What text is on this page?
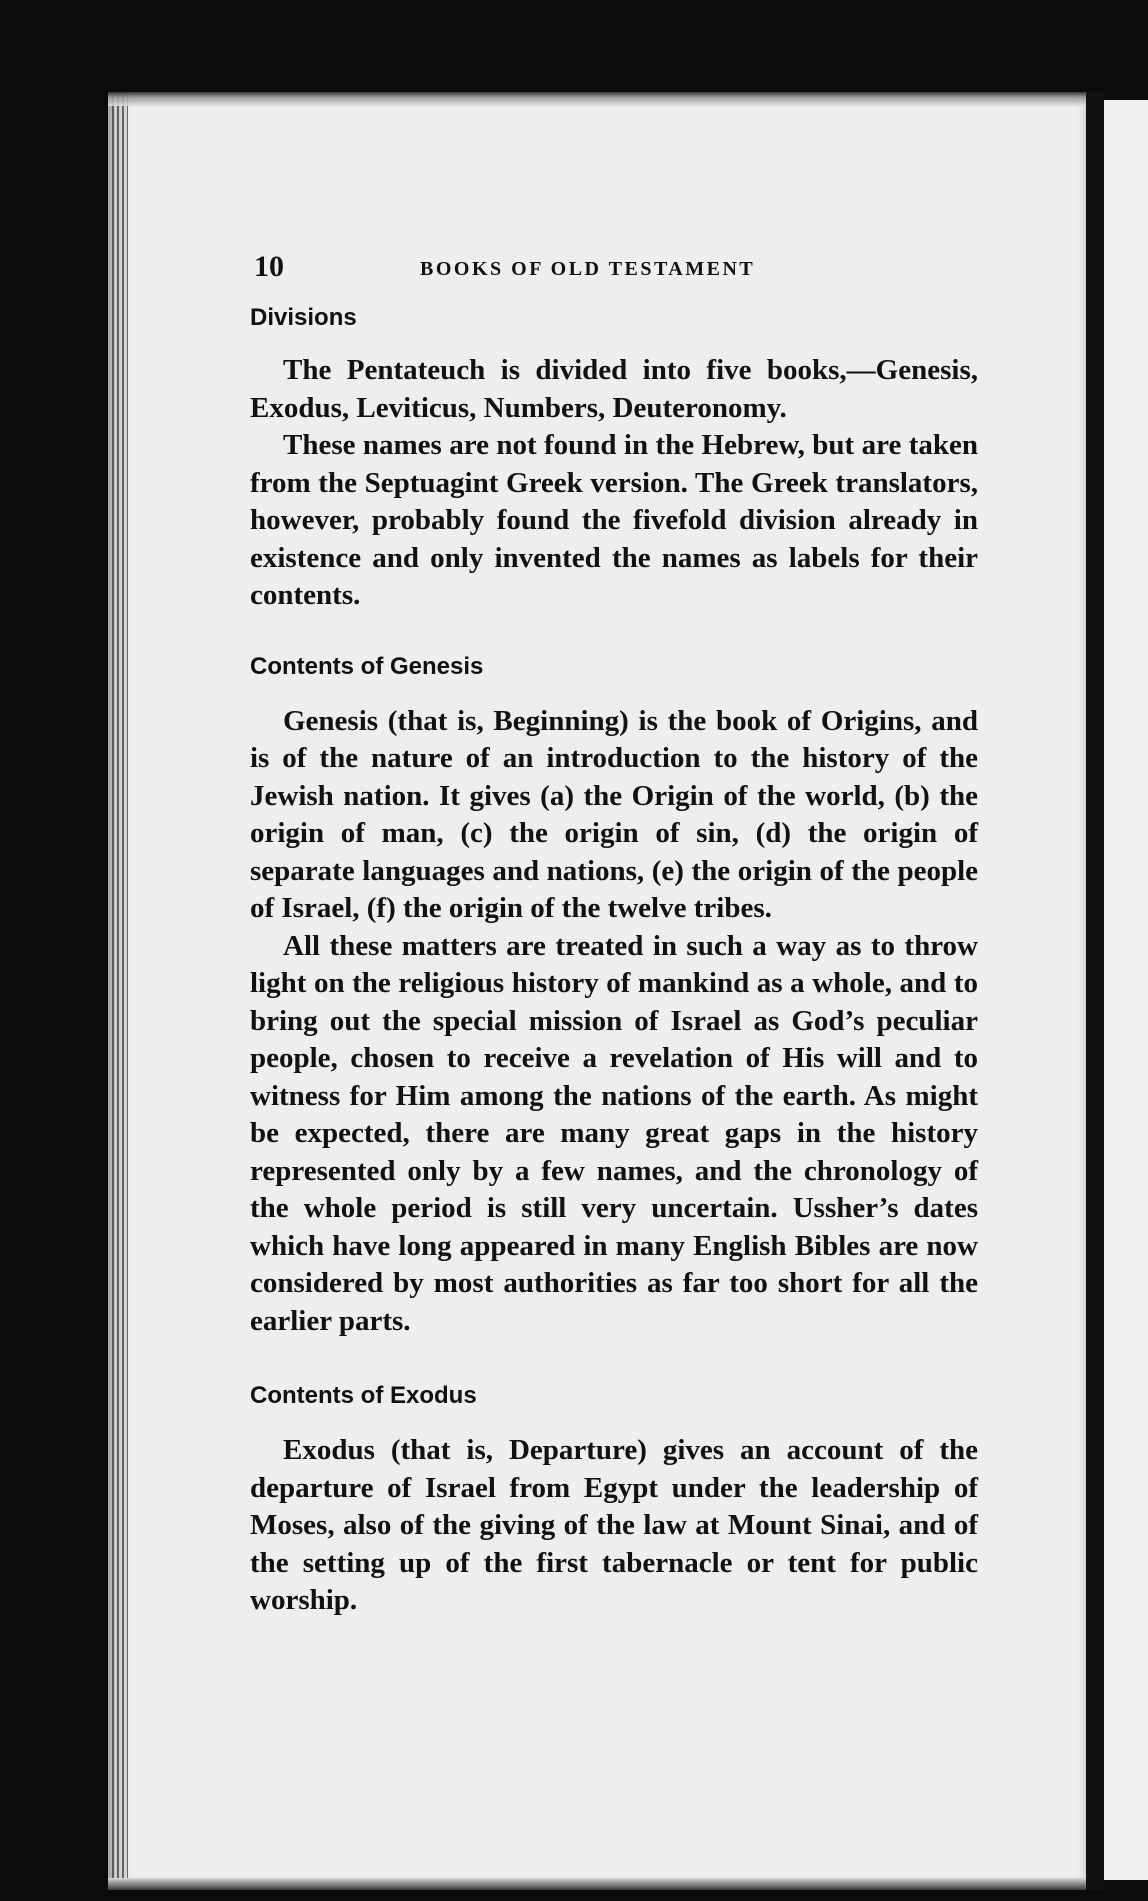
10	BOOKS OF OLD TESTAMENT
Divisions

The Pentateuch is divided into five books,—Genesis, Exodus, Leviticus, Numbers, Deuteronomy.

These names are not found in the Hebrew, but are taken from the Septuagint Greek version. The Greek translators, however, probably found the fivefold division already in existence and only invented the names as labels for their contents.

Contents of Genesis

Genesis (that is, Beginning) is the book of Origins, and is of the nature of an introduction to the history of the Jewish nation. It gives (a) the Origin of the world, (b) the origin of man, (c) the origin of sin, (d) the origin of separate languages and nations, (e) the origin of the people of Israel, (f) the origin of the twelve tribes.

All these matters are treated in such a way as to throw light on the religious history of mankind as a whole, and to bring out the special mission of Israel as God’s peculiar people, chosen to receive a revelation of His will and to witness for Him among the nations of the earth. As might be expected, there are many great gaps in the history represented only by a few names, and the chronology of the whole period is still very uncertain. Ussher’s dates which have long appeared in many English Bibles are now considered by most authorities as far too short for all the earlier parts.

Contents of Exodus

Exodus (that is, Departure) gives an account of the departure of Israel from Egypt under the leadership of Moses, also of the giving of the law at Mount Sinai, and of the setting up of the first tabernacle or tent for public worship.
